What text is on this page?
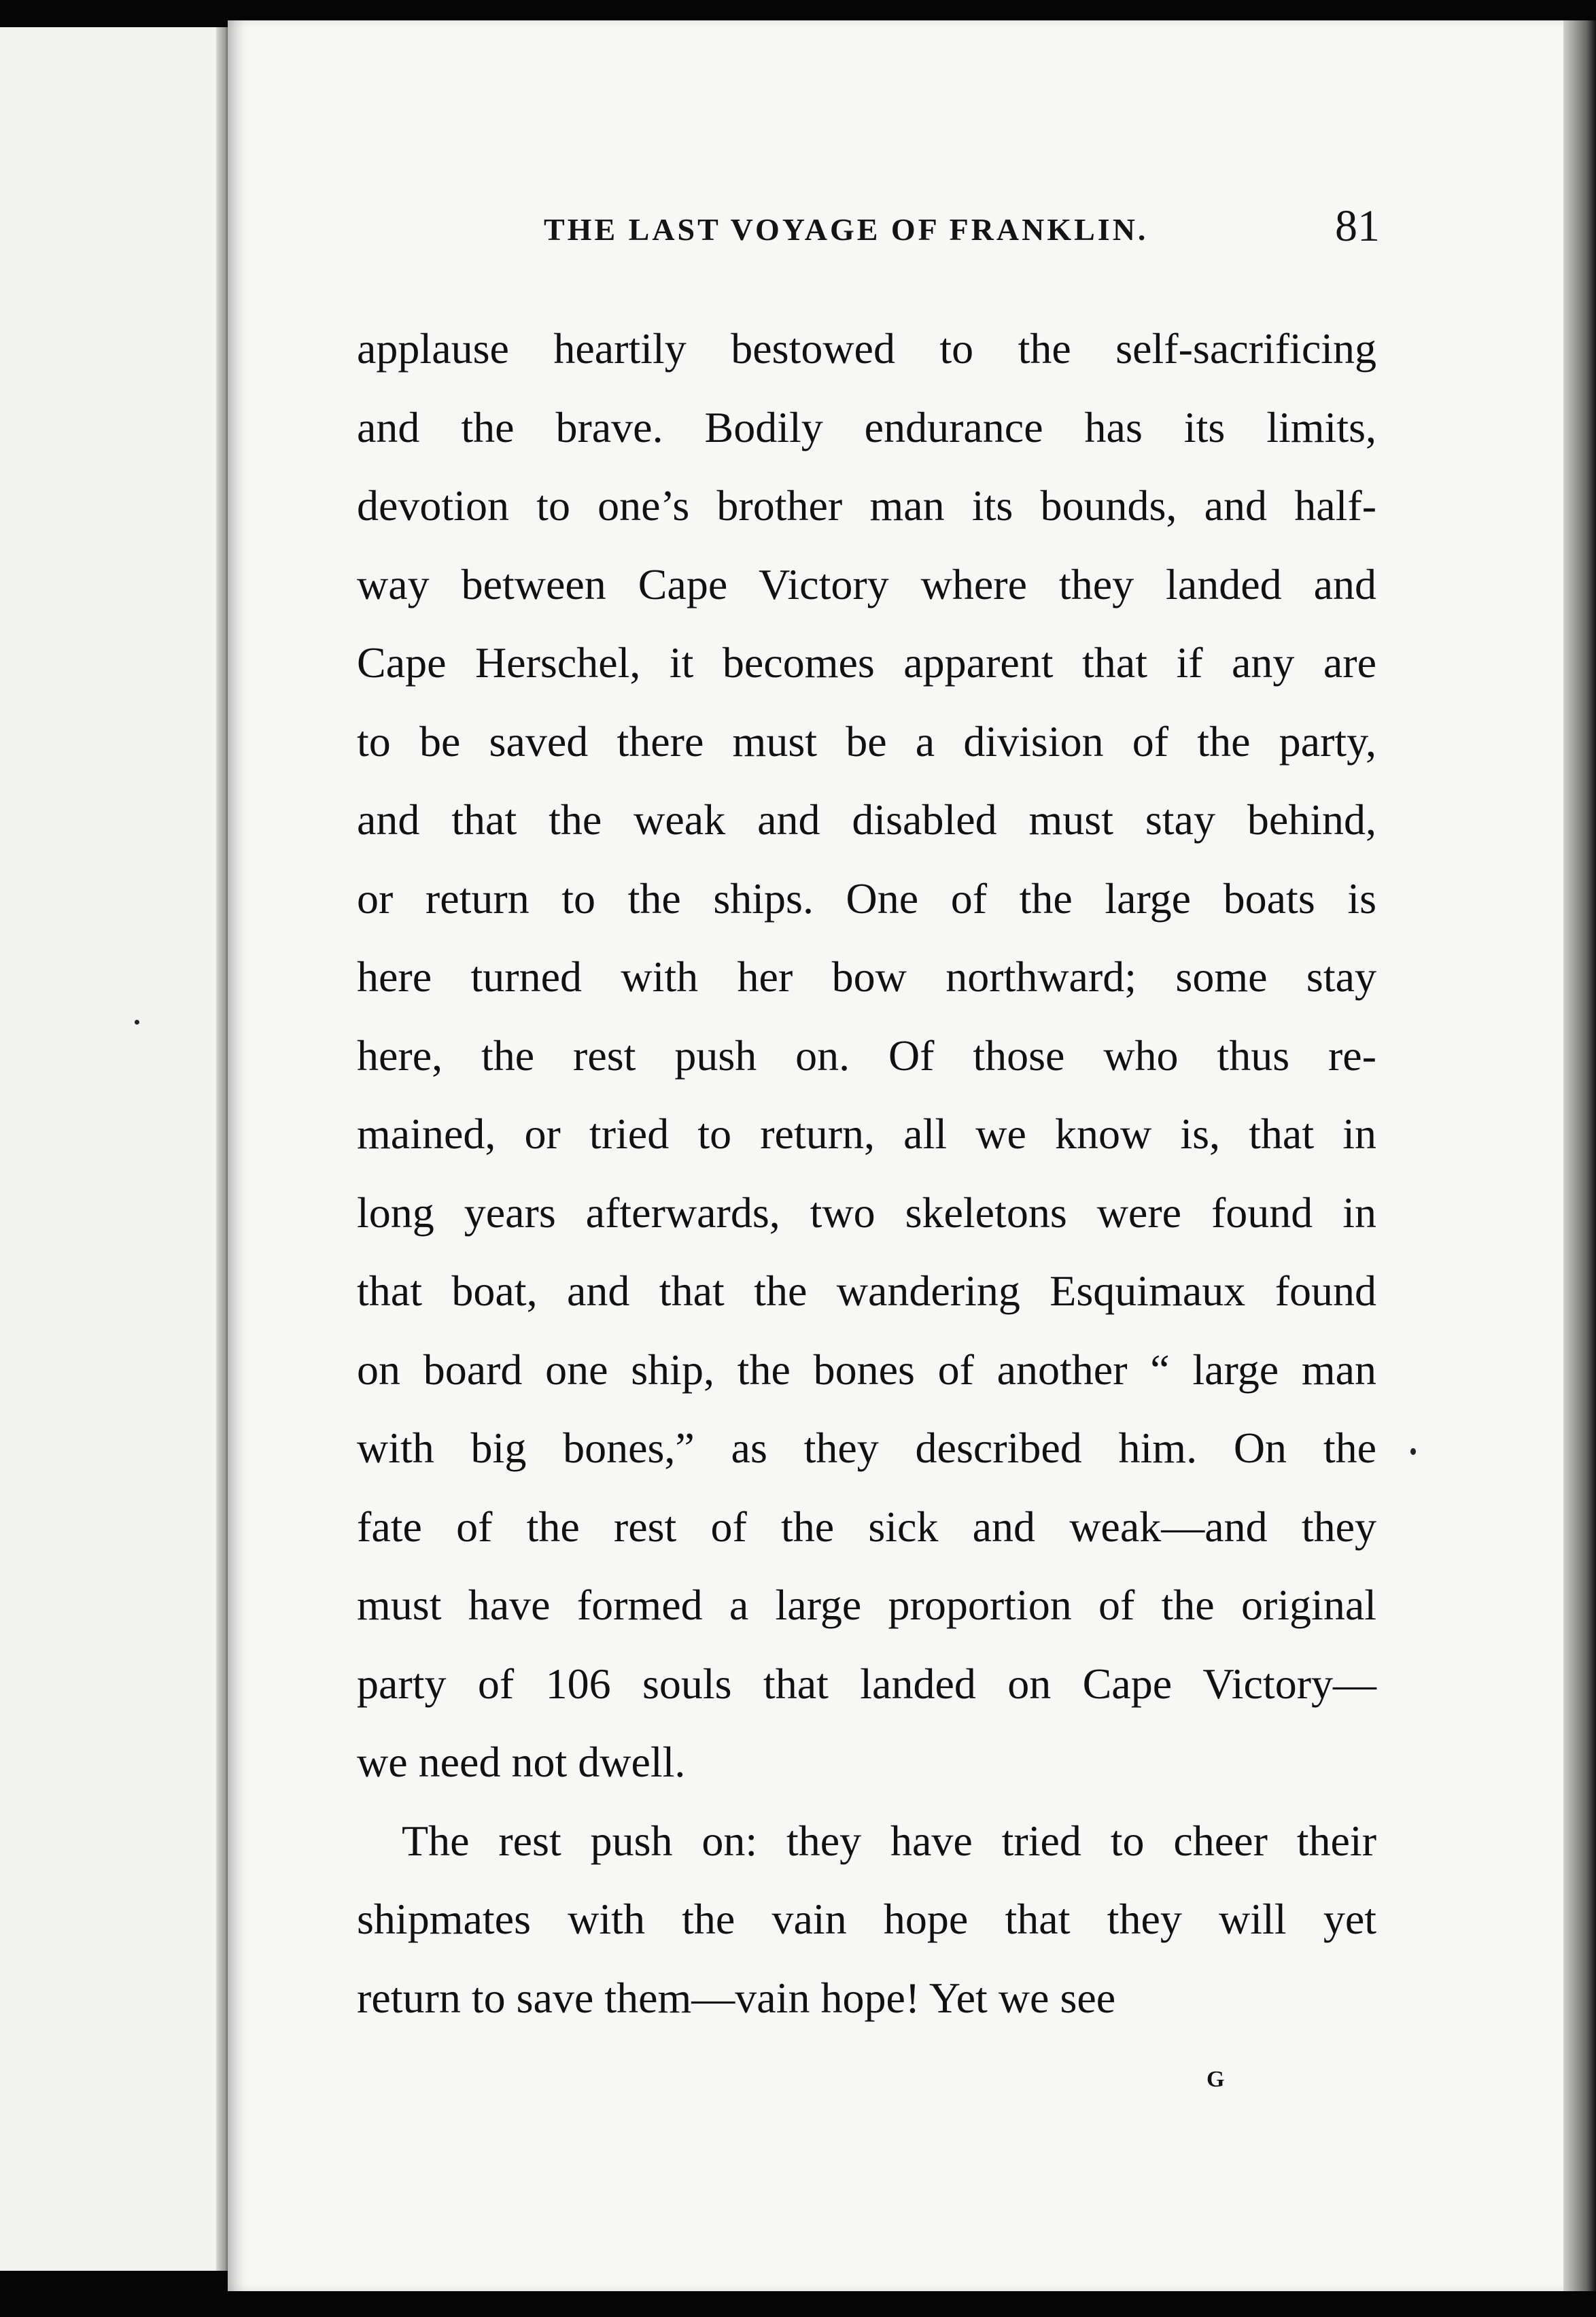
THE LAST VOYAGE OF FRANKLIN.	81
applause heartily bestowed to the self-sacrificing
and the brave. Bodily endurance has its limits,
devotion to one’s brother man its bounds, and half-
way between Cape Victory where they landed and
Cape Herschel, it becomes apparent that if any are
to be saved there must be a division of the party,
and that the weak and disabled must stay behind,
or return to the ships. One of the large boats is
here turned with her bow northward; some stay
here, the rest push on. Of those who thus re-
mained, or tried to return, all we know is, that in
long years afterwards, two skeletons were found in
that boat, and that the wandering Esquimaux found
on board one ship, the bones of another “ large man
with big bones,” as they described him. On the
fate of the rest of the sick and weak—and they
must have formed a large proportion of the original
party of 106 souls that landed on Cape Victory—
we need not dwell.
The rest push on: they have tried to cheer their
shipmates with the vain hope that they will yet
return to save them—vain hope! Yet we see
G
